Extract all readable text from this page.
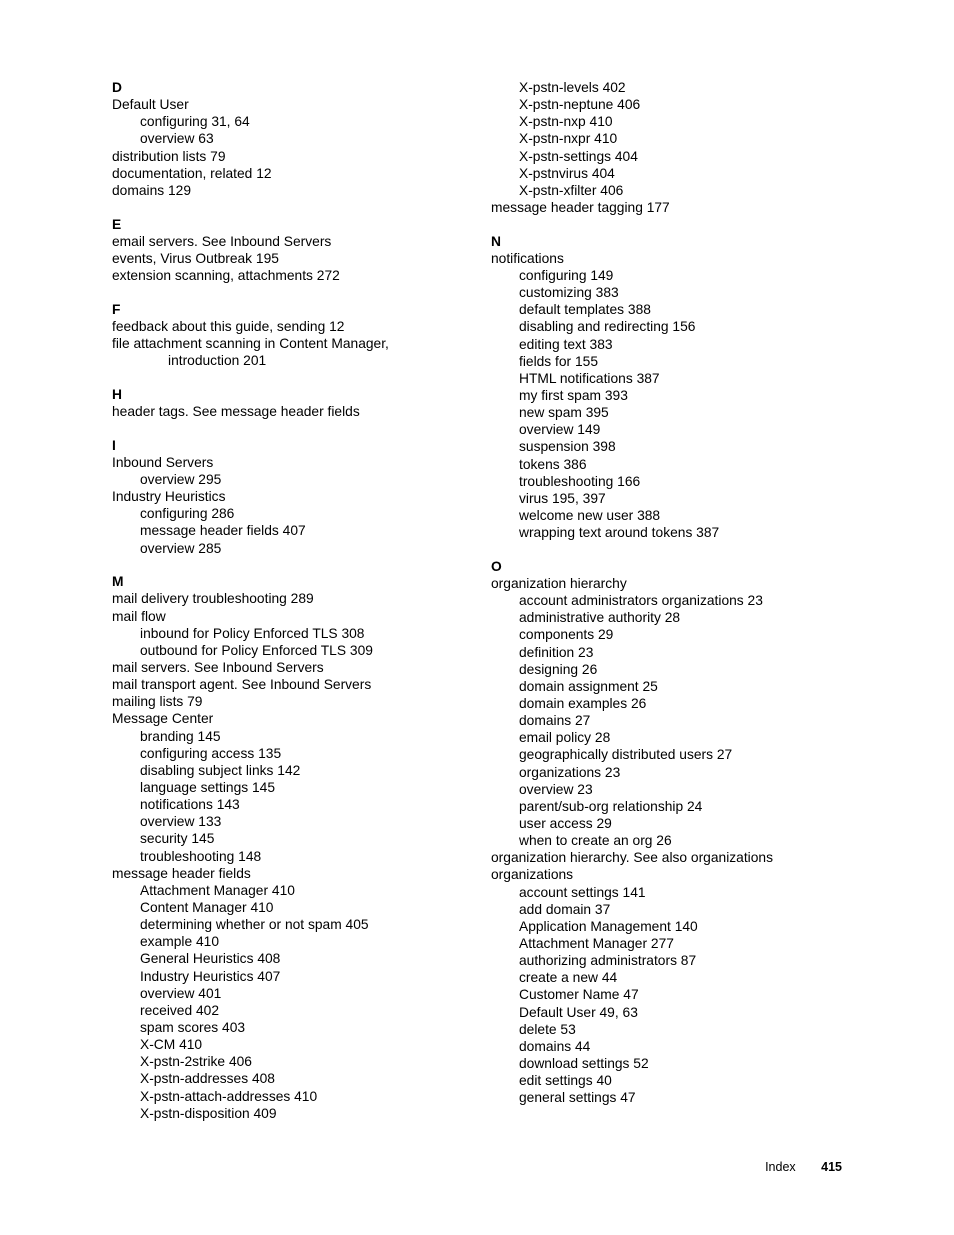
D
Default User
configuring 31, 64
overview 63
distribution lists 79
documentation, related 12
domains 129
E
email servers. See Inbound Servers
events, Virus Outbreak 195
extension scanning, attachments 272
F
feedback about this guide, sending 12
file attachment scanning in Content Manager,
introduction 201
H
header tags. See message header fields
I
Inbound Servers
overview 295
Industry Heuristics
configuring 286
message header fields 407
overview 285
M
mail delivery troubleshooting 289
mail flow
inbound for Policy Enforced TLS 308
outbound for Policy Enforced TLS 309
mail servers. See Inbound Servers
mail transport agent. See Inbound Servers
mailing lists 79
Message Center
branding 145
configuring access 135
disabling subject links 142
language settings 145
notifications 143
overview 133
security 145
troubleshooting 148
message header fields
Attachment Manager 410
Content Manager 410
determining whether or not spam 405
example 410
General Heuristics 408
Industry Heuristics 407
overview 401
received 402
spam scores 403
X-CM 410
X-pstn-2strike 406
X-pstn-addresses 408
X-pstn-attach-addresses 410
X-pstn-disposition 409
X-pstn-levels 402
X-pstn-neptune 406
X-pstn-nxp 410
X-pstn-nxpr 410
X-pstn-settings 404
X-pstnvirus 404
X-pstn-xfilter 406
message header tagging 177
N
notifications
configuring 149
customizing 383
default templates 388
disabling and redirecting 156
editing text 383
fields for 155
HTML notifications 387
my first spam 393
new spam 395
overview 149
suspension 398
tokens 386
troubleshooting 166
virus 195, 397
welcome new user 388
wrapping text around tokens 387
O
organization hierarchy
account administrators organizations 23
administrative authority 28
components 29
definition 23
designing 26
domain assignment 25
domain examples 26
domains 27
email policy 28
geographically distributed users 27
organizations 23
overview 23
parent/sub-org relationship 24
user access 29
when to create an org 26
organization hierarchy. See also organizations
organizations
account settings 141
add domain 37
Application Management 140
Attachment Manager 277
authorizing administrators 87
create a new 44
Customer Name 47
Default User 49, 63
delete 53
domains 44
download settings 52
edit settings 40
general settings 47
Index 415
